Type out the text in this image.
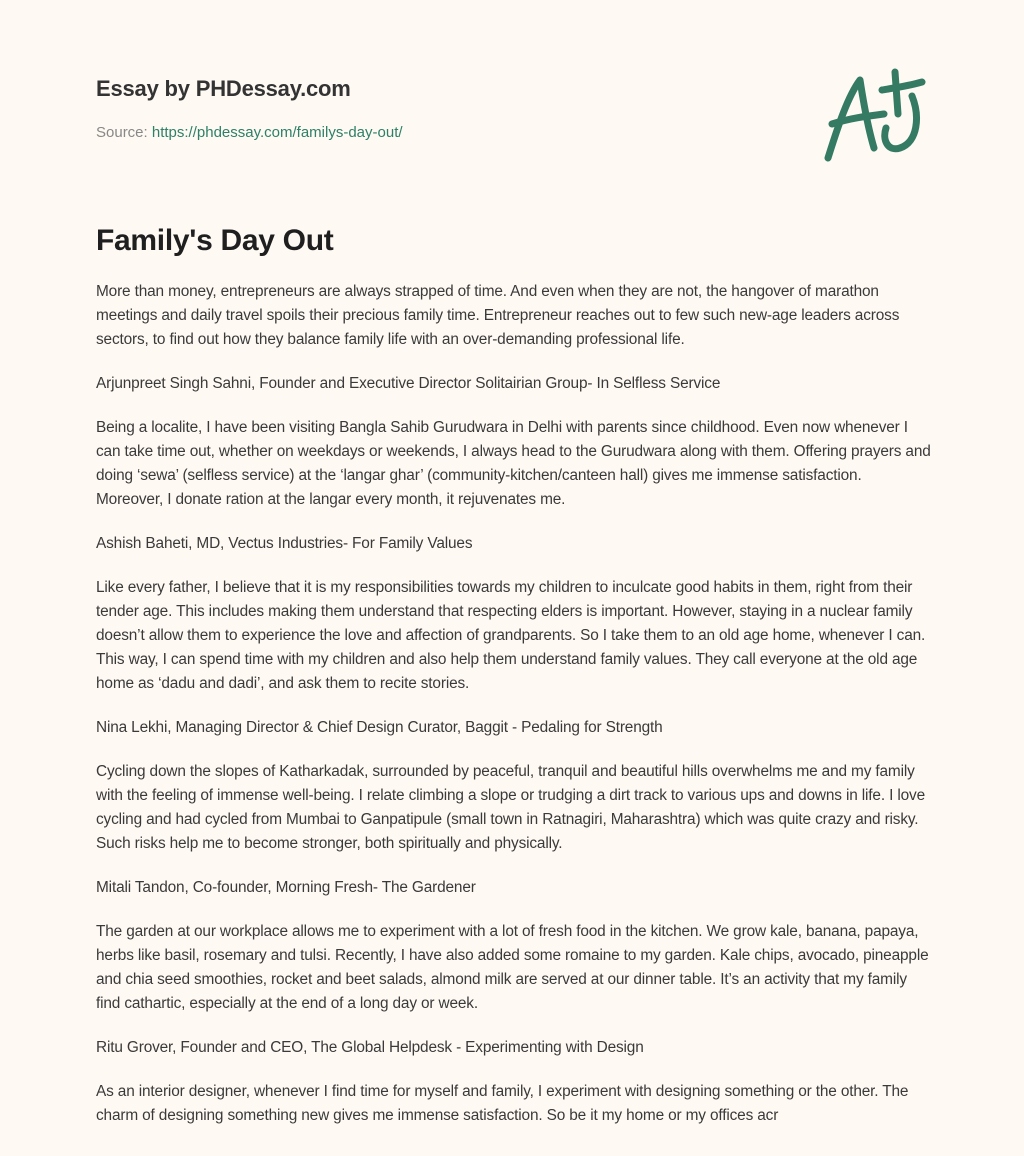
Essay by PHDessay.com
Source: https://phdessay.com/familys-day-out/
Family's Day Out

More than money, entrepreneurs are always strapped of time. And even when they are not, the hangover of marathon meetings and daily travel spoils their precious family time. Entrepreneur reaches out to few such new-age leaders across sectors, to find out how they balance family life with an over-demanding professional life.

Arjunpreet Singh Sahni, Founder and Executive Director Solitairian Group- In Selfless Service

Being a localite, I have been visiting Bangla Sahib Gurudwara in Delhi with parents since childhood. Even now whenever I can take time out, whether on weekdays or weekends, I always head to the Gurudwara along with them. Offering prayers and doing ‘sewa’ (selfless service) at the ‘langar ghar’ (community-kitchen/canteen hall) gives me immense satisfaction. Moreover, I donate ration at the langar every month, it rejuvenates me.

Ashish Baheti, MD, Vectus Industries- For Family Values

Like every father, I believe that it is my responsibilities towards my children to inculcate good habits in them, right from their tender age. This includes making them understand that respecting elders is important. However, staying in a nuclear family doesn’t allow them to experience the love and affection of grandparents. So I take them to an old age home, whenever I can. This way, I can spend time with my children and also help them understand family values. They call everyone at the old age home as ‘dadu and dadi’, and ask them to recite stories.

Nina Lekhi, Managing Director & Chief Design Curator, Baggit - Pedaling for Strength

Cycling down the slopes of Katharkadak, surrounded by peaceful, tranquil and beautiful hills overwhelms me and my family with the feeling of immense well-being. I relate climbing a slope or trudging a dirt track to various ups and downs in life. I love cycling and had cycled from Mumbai to Ganpatipule (small town in Ratnagiri, Maharashtra) which was quite crazy and risky. Such risks help me to become stronger, both spiritually and physically.

Mitali Tandon, Co-founder, Morning Fresh- The Gardener

The garden at our workplace allows me to experiment with a lot of fresh food in the kitchen. We grow kale, banana, papaya, herbs like basil, rosemary and tulsi. Recently, I have also added some romaine to my garden. Kale chips, avocado, pineapple and chia seed smoothies, rocket and beet salads, almond milk are served at our dinner table. It’s an activity that my family find cathartic, especially at the end of a long day or week.

Ritu Grover, Founder and CEO, The Global Helpdesk - Experimenting with Design

As an interior designer, whenever I find time for myself and family, I experiment with designing something or the other. The charm of designing something new gives me immense satisfaction. So be it my home or my offices acr
